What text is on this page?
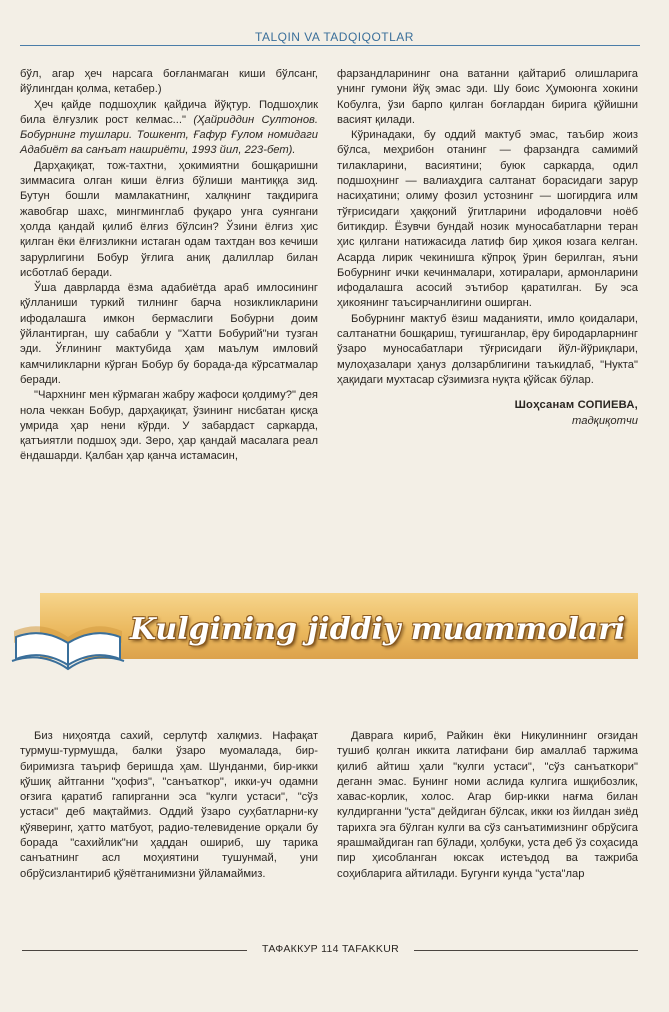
TALQIN VA TADQIQOTLAR

бўл, агар ҳеч нарсага боғланмаган киши бўлсанг, йўлингдан қолма, кетабер.)

Ҳеч қайде подшоҳлик қайдича йўқтур. Подшоҳлик била ёлғузлик рост келмас..." (Ҳайриддин Султонов. Бобурнинг тушлари. Тошкент, Ғафур Ғулом номидаги Адабиёт ва санъат нашриёти, 1993 йил, 223-бет).

Дарҳақиқат, тож-тахтни, ҳокимиятни бошқаришни зиммасига олган киши ёлғиз бўлиши мантиққа зид. Бутун бошли мамлакатнинг, халқнинг тақдирига жавобгар шахс, мингминглаб фуқаро унга суянгани ҳолда қандай қилиб ёлғиз бўлсин? Ўзини ёлғиз ҳис қилган ёки ёлғизликни истаган одам тахтдан воз кечиши зарурлигини Бобур ўғлига аниқ далиллар билан исботлаб беради.

Ўша даврларда ёзма адабиётда араб имлосининг қўлланиши туркий тилнинг барча нозикликларини ифодалашга имкон бермаслиги Бобурни доим ўйлантирган, шу сабабли у "Хатти Бобурий"ни тузган эди. Ўғлининг мактубида ҳам маълум имловий камчиликларни кўрган Бобур бу борада-да кўрсатмалар беради.

"Чархнинг мен кўрмаган жабру жафоси қолдиму?" дея нола чеккан Бобур, дарҳақиқат, ўзининг нисбатан қисқа умрида ҳар нени кўрди. У забардаст саркарда, қатъиятли подшоҳ эди. Зеро, ҳар қандай масалага реал ёндашарди. Қалбан ҳар қанча истамасин,

фарзандларининг она ватанни қайтариб олишларига унинг гумони йўқ эмас эди. Шу боис Ҳумоюнга хокини Кобулга, ўзи барпо қилган боғлардан бирига қўйишни васият қилади.

Кўринадаки, бу оддий мактуб эмас, таъбир жоиз бўлса, меҳрибон отанинг — фарзандга самимий тилакларини, васиятини; буюк саркарда, одил подшоҳнинг — валиаҳдига салтанат борасидаги зарур насиҳатини; олиму фозил устознинг — шогирдига илм тўғрисидаги ҳаққоний ўгитларини ифодаловчи ноёб битикдир. Ёзувчи бундай нозик муносабатларни теран ҳис қилгани натижасида латиф бир ҳикоя юзага келган. Асарда лирик чекинишга кўпроқ ўрин берилган, яъни Бобурнинг ички кечинмалари, хотиралари, армонларини ифодалашга асосий эътибор қаратилган. Бу эса ҳикоянинг таъсирчанлигини оширган.

Бобурнинг мактуб ёзиш маданияти, имло қоидалари, салтанатни бошқариш, туғишганлар, ёру биродарларнинг ўзаро муносабатлари тўғрисидаги йўл-йўриқлари, мулоҳазалари ҳануз долзарблигини таъкидлаб, "Нукта" ҳақидаги мухтасар сўзимизга нуқта қўйсак бўлар.

Шоҳсанам СОПИЕВА,
тадқиқотчи
Kulgining jiddiy muammolari

Биз ниҳоятда сахий, серлутф халқмиз. Нафақат турмуш-турмушда, балки ўзаро муомалада, бир-биримизга таъриф беришда ҳам. Шунданми, бир-икки қўшиқ айтганни "ҳофиз", "санъаткор", икки-уч одамни оғзига қаратиб гапирганни эса "кулги устаси", "сўз устаси" деб мақтаймиз. Оддий ўзаро суҳбатларни-ку қўяверинг, ҳатто матбуот, радио-телевидение орқали бу борада "сахийлик"ни ҳаддан ошириб, шу тарика санъатнинг асл моҳиятини тушунмай, уни обрўсизлантириб қўяётганимизни ўйламаймиз.

Даврага кириб, Райкин ёки Никулиннинг оғзидан тушиб қолган иккита латифани бир амаллаб таржима қилиб айтиш ҳали "кулги устаси", "сўз санъаткори" деганн эмас. Бунинг номи аслида кулгига ишқибозлик, хавас-корлик, холос. Агар бир-икки нағма билан кулдирганни "уста" дейдиган бўлсак, икки юз йилдан зиёд тарихга эга бўлган кулги ва сўз санъатимизнинг обрўсига ярашмайдиган гап бўлади, ҳолбуки, уста деб ўз соҳасида пир ҳисобланган юксак истеъдод ва тажриба соҳибларига айтилади. Бугунги кунда "уста"лар

ТАФАККУР 114 TAFAKKUR
